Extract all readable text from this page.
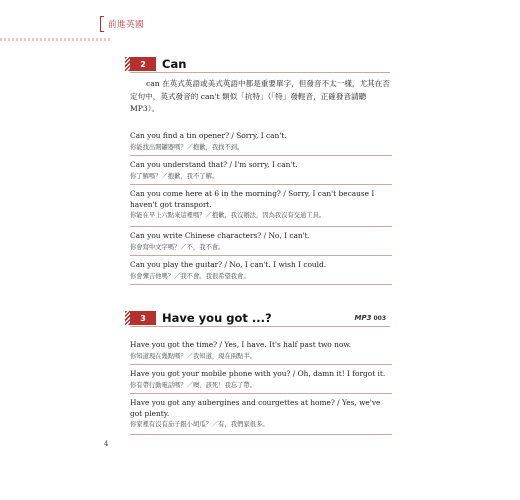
前進英國
2	Can

can 在英式英語或美式英語中都是重要單字，但發音不太一樣，尤其在否定句中，英式發音的 can't 類似「抗特」（「特」發輕音，正確發音請聽 MP3）。

Can you find a tin opener? / Sorry, I can't.
你能找出開罐器嗎？／抱歉，我找不到。
Can you understand that? / I'm sorry, I can't.
你了解嗎？／抱歉，我不了解。
Can you come here at 6 in the morning? / Sorry, I can't because I haven't got transport.
你能在早上六點來這裡嗎？／抱歉，我沒辦法，因為我沒有交通工具。
Can you write Chinese characters? / No, I can't.
你會寫中文字嗎？／不，我不會。
Can you play the guitar? / No, I can't. I wish I could.
你會彈吉他嗎？／我不會。我很希望我會。
3	Have you got ...?	MP3 003
Have you got the time? / Yes, I have. It's half past two now.
你知道現在幾點嗎？／我知道，現在兩點半。
Have you got your mobile phone with you? / Oh, damn it! I forgot it.
你有帶行動電話嗎？／噢，該死！我忘了帶。
Have you got any aubergines and courgettes at home? / Yes, we've got plenty.
你家裡有沒有茄子跟小胡瓜？／有，我們家很多。
4
